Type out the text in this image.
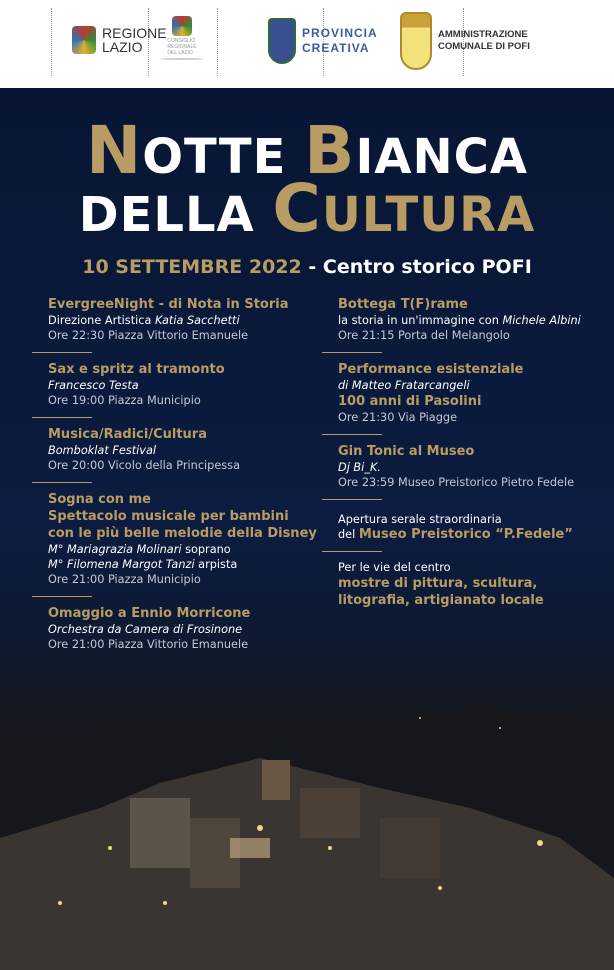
REGIONE
LAZIO	CONSIGLIO
REGIONALE
DEL LAZIO
PROVINCIA
CREATIVA
AMMINISTRAZIONE
COMUNALE DI POFI
NOTTE BIANCA
DELLA CULTURA
10 SETTEMBRE 2022 - Centro storico POFI
EvergreeNight - di Nota in Storia
Direzione Artistica Katia Sacchetti
Ore 22:30 Piazza Vittorio Emanuele
Sax e spritz al tramonto
Francesco Testa
Ore 19:00 Piazza Municipio
Musica/Radici/Cultura
Bomboklat Festival
Ore 20:00 Vicolo della Principessa
Sogna con me
Spettacolo musicale per bambini
con le più belle melodie della Disney
M° Mariagrazia Molinari soprano
M° Filomena Margot Tanzi arpista
Ore 21:00 Piazza Municipio
Omaggio a Ennio Morricone
Orchestra da Camera di Frosinone
Ore 21:00 Piazza Vittorio Emanuele
Bottega T(F)rame
la storia in un'immagine con Michele Albini
Ore 21:15 Porta del Melangolo
Performance esistenziale
di Matteo Fratarcangeli
100 anni di Pasolini
Ore 21:30 Via Piagge
Gin Tonic al Museo
Dj Bi_K.
Ore 23:59 Museo Preistorico Pietro Fedele
Apertura serale straordinaria
del Museo Preistorico “P.Fedele”
Per le vie del centro
mostre di pittura, scultura,
litografia, artigianato locale
